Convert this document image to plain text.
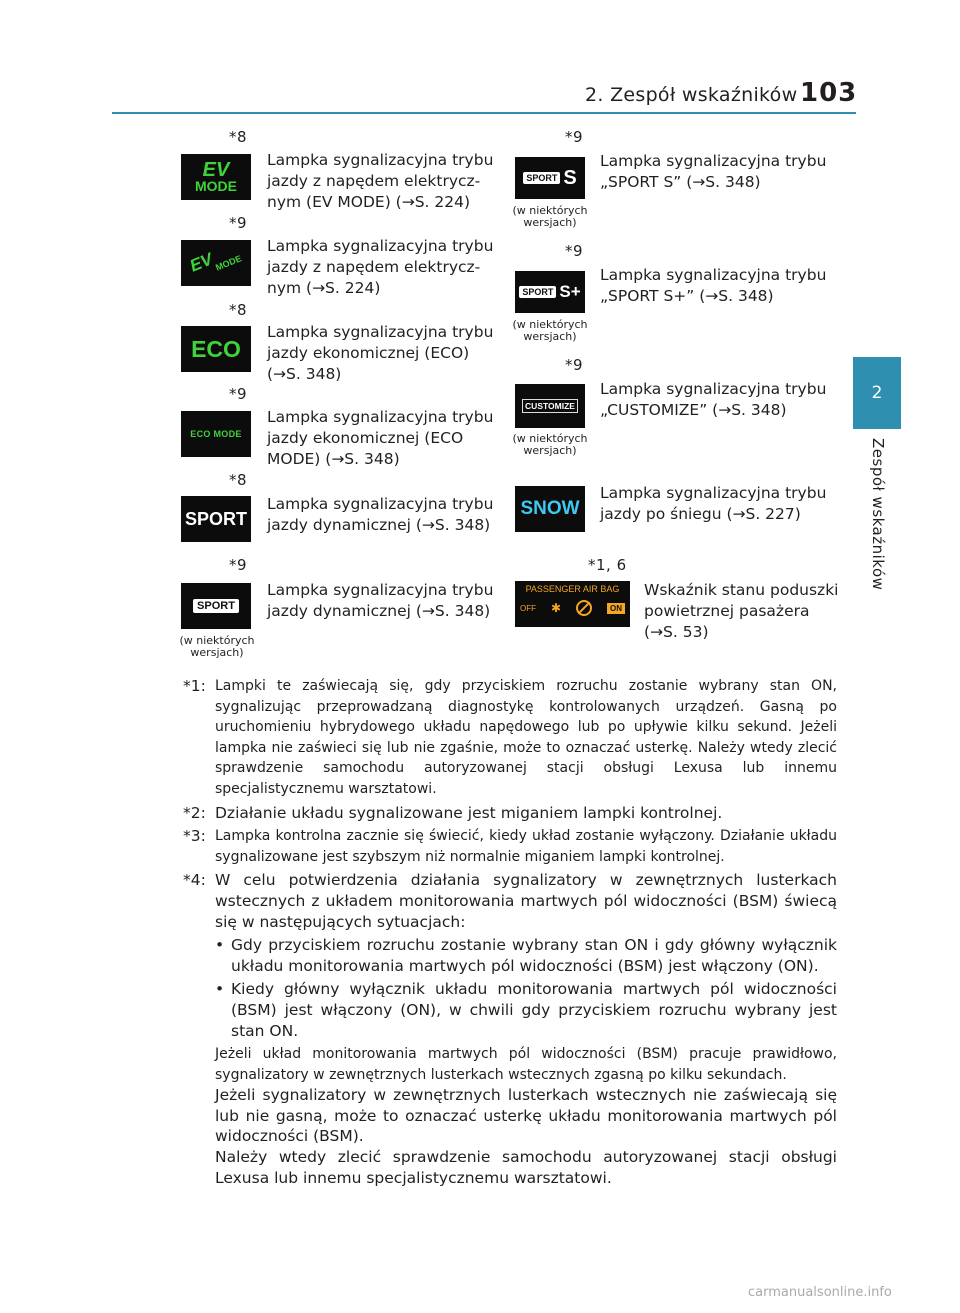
2. Zespół wskaźników 103
2
Zespół wskaźników
*8
EV
MODE
Lampka sygnalizacyjna trybu
jazdy z napędem elektrycz-
nym (EV MODE) (→S. 224)
*9
EV
MODE
Lampka sygnalizacyjna trybu
jazdy z napędem elektrycz-
nym (→S. 224)
*8
ECO
Lampka sygnalizacyjna trybu
jazdy ekonomicznej (ECO)
(→S. 348)
*9
ECO MODE
Lampka sygnalizacyjna trybu
jazdy ekonomicznej (ECO
MODE) (→S. 348)
*8
SPORT
Lampka sygnalizacyjna trybu
jazdy dynamicznej (→S. 348)
*9
SPORT
(w niektórych wersjach)
Lampka sygnalizacyjna trybu
jazdy dynamicznej (→S. 348)
*9
SPORT S
(w niektórych wersjach)
Lampka sygnalizacyjna trybu
„SPORT S” (→S. 348)
*9
SPORT S+
(w niektórych wersjach)
Lampka sygnalizacyjna trybu
„SPORT S+” (→S. 348)
*9
CUSTOMIZE
(w niektórych wersjach)
Lampka sygnalizacyjna trybu
„CUSTOMIZE” (→S. 348)
SNOW
Lampka sygnalizacyjna trybu
jazdy po śniegu (→S. 227)
*1, 6
PASSENGER AIR BAG
OFF ✱	ON
Wskaźnik stanu poduszki
powietrznej pasażera
(→S. 53)
*1: Lampki te zaświecają się, gdy przyciskiem rozruchu zostanie wybrany stan ON, sygnalizując przeprowadzaną diagnostykę kontrolowanych urządzeń. Gasną po uruchomieniu hybrydowego układu napędowego lub po upływie kilku sekund. Jeżeli lampka nie zaświeci się lub nie zgaśnie, może to oznaczać usterkę. Należy wtedy zlecić sprawdzenie samochodu autoryzowanej stacji obsługi Lexusa lub innemu specjalistycznemu warsztatowi.
*2: Działanie układu sygnalizowane jest miganiem lampki kontrolnej.
*3: Lampka kontrolna zacznie się świecić, kiedy układ zostanie wyłączony. Działanie układu sygnalizowane jest szybszym niż normalnie miganiem lampki kontrolnej.
*4: W celu potwierdzenia działania sygnalizatory w zewnętrznych lusterkach wstecznych z układem monitorowania martwych pól widoczności (BSM) świecą się w następujących sytuacjach:
• Gdy przyciskiem rozruchu zostanie wybrany stan ON i gdy główny wyłącznik układu monitorowania martwych pól widoczności (BSM) jest włączony (ON).
• Kiedy główny wyłącznik układu monitorowania martwych pól widoczności (BSM) jest włączony (ON), w chwili gdy przyciskiem rozruchu wybrany jest stan ON.
Jeżeli układ monitorowania martwych pól widoczności (BSM) pracuje prawidłowo, sygnalizatory w zewnętrznych lusterkach wstecznych zgasną po kilku sekundach.
Jeżeli sygnalizatory w zewnętrznych lusterkach wstecznych nie zaświecają się lub nie gasną, może to oznaczać usterkę układu monitorowania martwych pól widoczności (BSM).
Należy wtedy zlecić sprawdzenie samochodu autoryzowanej stacji obsługi Lexusa lub innemu specjalistycznemu warsztatowi.
carmanualsonline.info
